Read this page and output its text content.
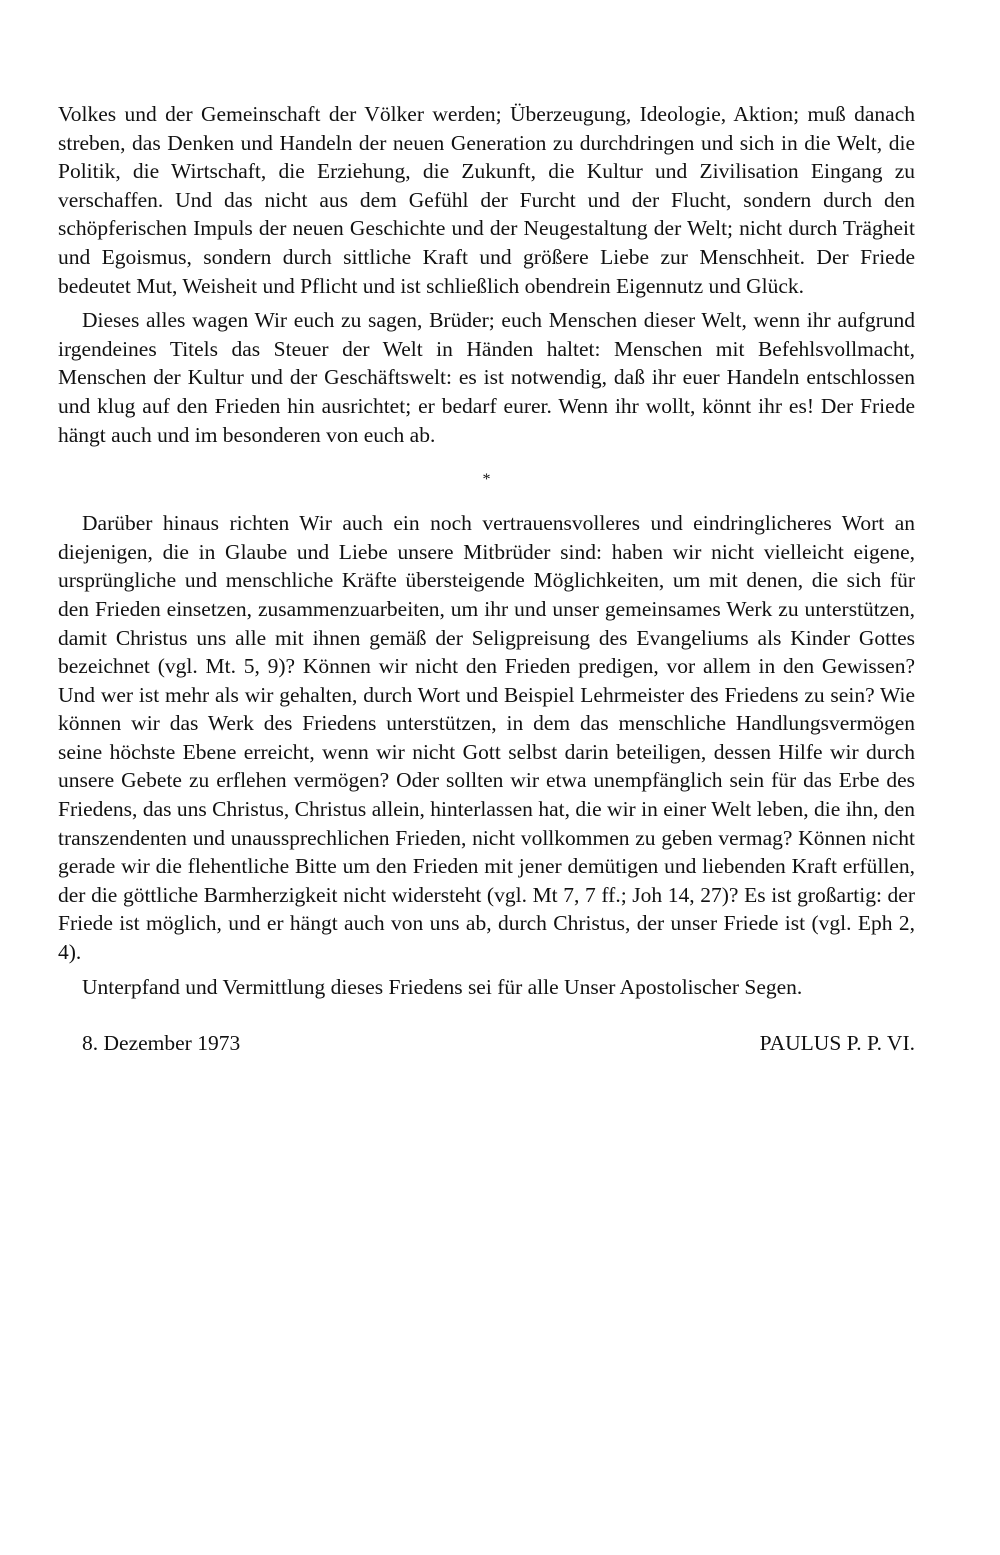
Volkes und der Gemeinschaft der Völker werden; Überzeugung, Ideologie, Aktion; muß danach streben, das Denken und Handeln der neuen Generation zu durchdringen und sich in die Welt, die Politik, die Wirtschaft, die Erziehung, die Zukunft, die Kultur und Zivilisation Eingang zu verschaffen. Und das nicht aus dem Gefühl der Furcht und der Flucht, sondern durch den schöpferischen Impuls der neuen Geschichte und der Neugestaltung der Welt; nicht durch Trägheit und Egoismus, sondern durch sittliche Kraft und größere Liebe zur Menschheit. Der Friede bedeutet Mut, Weisheit und Pflicht und ist schließlich obendrein Eigennutz und Glück.

Dieses alles wagen Wir euch zu sagen, Brüder; euch Menschen dieser Welt, wenn ihr aufgrund irgendeines Titels das Steuer der Welt in Händen haltet: Menschen mit Befehlsvollmacht, Menschen der Kultur und der Geschäftswelt: es ist notwendig, daß ihr euer Handeln entschlossen und klug auf den Frieden hin ausrichtet; er bedarf eurer. Wenn ihr wollt, könnt ihr es! Der Friede hängt auch und im besonderen von euch ab.

*

Darüber hinaus richten Wir auch ein noch vertrauensvolleres und eindringlicheres Wort an diejenigen, die in Glaube und Liebe unsere Mitbrüder sind: haben wir nicht vielleicht eigene, ursprüngliche und menschliche Kräfte übersteigende Möglichkeiten, um mit denen, die sich für den Frieden einsetzen, zusammenzuarbeiten, um ihr und unser gemeinsames Werk zu unterstützen, damit Christus uns alle mit ihnen gemäß der Seligpreisung des Evangeliums als Kinder Gottes bezeichnet (vgl. Mt. 5, 9)? Können wir nicht den Frieden predigen, vor allem in den Gewissen? Und wer ist mehr als wir gehalten, durch Wort und Beispiel Lehrmeister des Friedens zu sein? Wie können wir das Werk des Friedens unterstützen, in dem das menschliche Handlungsvermögen seine höchste Ebene erreicht, wenn wir nicht Gott selbst darin beteiligen, dessen Hilfe wir durch unsere Gebete zu erflehen vermögen? Oder sollten wir etwa unempfänglich sein für das Erbe des Friedens, das uns Christus, Christus allein, hinterlassen hat, die wir in einer Welt leben, die ihn, den transzendenten und unaussprechlichen Frieden, nicht vollkommen zu geben vermag? Können nicht gerade wir die flehentliche Bitte um den Frieden mit jener demütigen und liebenden Kraft erfüllen, der die göttliche Barmherzigkeit nicht widersteht (vgl. Mt 7, 7 ff.; Joh 14, 27)? Es ist großartig: der Friede ist möglich, und er hängt auch von uns ab, durch Christus, der unser Friede ist (vgl. Eph 2, 4).

Unterpfand und Vermittlung dieses Friedens sei für alle Unser Apostolischer Segen.

8. Dezember 1973	PAULUS P. P. VI.
